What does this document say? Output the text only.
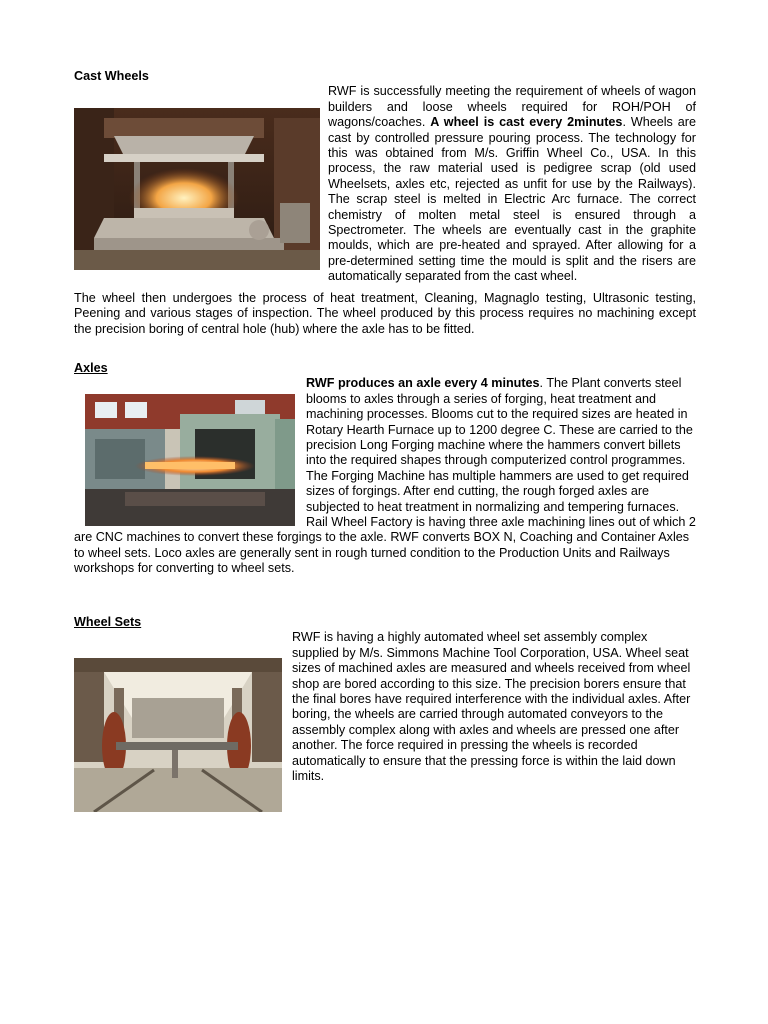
Cast Wheels
RWF is successfully meeting the requirement of wheels of wagon builders and loose wheels required for ROH/POH of wagons/coaches. A wheel is cast every 2minutes. Wheels are cast by controlled pressure pouring process. The technology for this was obtained from M/s. Griffin Wheel Co., USA. In this process, the raw material used is pedigree scrap (old used Wheelsets, axles etc, rejected as unfit for use by the Railways). The scrap steel is melted in Electric Arc furnace. The correct chemistry of molten metal steel is ensured through a Spectrometer. The wheels are eventually cast in the graphite moulds, which are pre-heated and sprayed. After allowing for a pre-determined setting time the mould is split and the risers are automatically separated from the cast wheel.

The wheel then undergoes the process of heat treatment, Cleaning, Magnaglo testing, Ultrasonic testing, Peening and various stages of inspection. The wheel produced by this process requires no machining except the precision boring of central hole (hub) where the axle has to be fitted.

Axles

RWF produces an axle every 4 minutes. The Plant converts steel blooms to axles through a series of forging, heat treatment and machining processes. Blooms cut to the required sizes are heated in Rotary Hearth Furnace up to 1200 degree C. These are carried to the precision Long Forging machine where the hammers convert billets into the required shapes through computerized control programmes. The Forging Machine has multiple hammers are used to get required sizes of forgings. After end cutting, the rough forged axles are subjected to heat treatment in normalizing and tempering furnaces. Rail Wheel Factory is having three axle machining lines out of which 2 are CNC machines to convert these forgings to the axle. RWF converts BOX N, Coaching and Container Axles to wheel sets. Loco axles are generally sent in rough turned condition to the Production Units and Railways workshops for converting to wheel sets.

Wheel Sets

RWF is having a highly automated wheel set assembly complex supplied by M/s. Simmons Machine Tool Corporation, USA. Wheel seat sizes of machined axles are measured and wheels received from wheel shop are bored according to this size. The precision borers ensure that the final bores have required interference with the individual axles. After boring, the wheels are carried through automated conveyors to the assembly complex along with axles and wheels are pressed one after another. The force required in pressing the wheels is recorded automatically to ensure that the pressing force is within the laid down limits.
